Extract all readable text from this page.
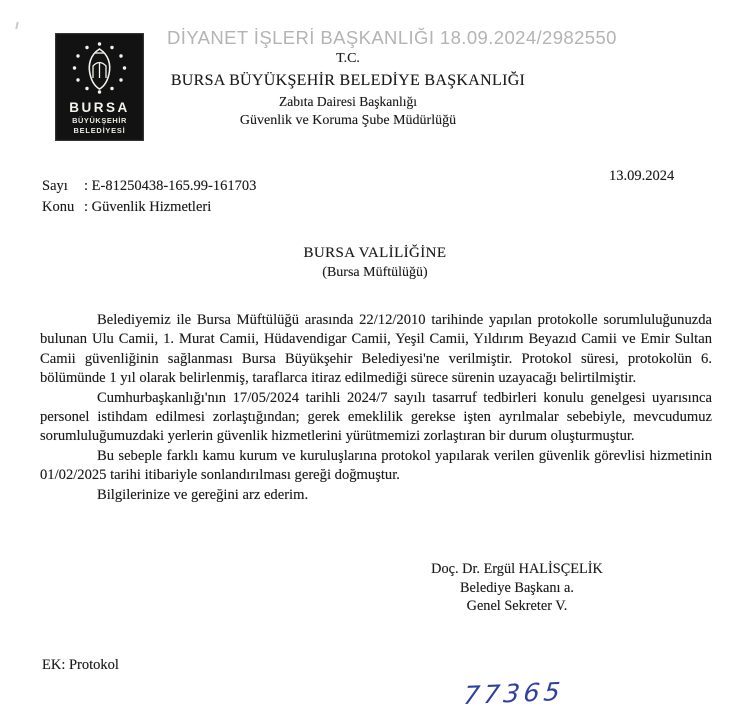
DİYANET İŞLERİ BAŞKANLIĞI 18.09.2024/2982550
BURSA
BÜYÜKŞEHİR
BELEDİYESİ
T.C.
BURSA BÜYÜKŞEHİR BELEDİYE BAŞKANLIĞI
Zabıta Dairesi Başkanlığı
Güvenlik ve Koruma Şube Müdürlüğü
13.09.2024
Sayı : E-81250438-165.99-161703
Konu : Güvenlik Hizmetleri
BURSA VALİLİĞİNE
(Bursa Müftülüğü)

Belediyemiz ile Bursa Müftülüğü arasında 22/12/2010 tarihinde yapılan protokolle sorumluluğunuzda bulunan Ulu Camii, 1. Murat Camii, Hüdavendigar Camii, Yeşil Camii, Yıldırım Beyazıd Camii ve Emir Sultan Camii güvenliğinin sağlanması Bursa Büyükşehir Belediyesi'ne verilmiştir. Protokol süresi, protokolün 6. bölümünde 1 yıl olarak belirlenmiş, taraflarca itiraz edilmediği sürece sürenin uzayacağı belirtilmiştir.

Cumhurbaşkanlığı'nın 17/05/2024 tarihli 2024/7 sayılı tasarruf tedbirleri konulu genelgesi uyarısınca personel istihdam edilmesi zorlaştığından; gerek emeklilik gerekse işten ayrılmalar sebebiyle, mevcudumuz sorumluluğumuzdaki yerlerin güvenlik hizmetlerini yürütmemizi zorlaştıran bir durum oluşturmuştur.

Bu sebeple farklı kamu kurum ve kuruluşlarına protokol yapılarak verilen güvenlik görevlisi hizmetinin 01/02/2025 tarihi itibariyle sonlandırılması gereği doğmuştur.

Bilgilerinize ve gereğini arz ederim.

Doç. Dr. Ergül HALİSÇELİK
Belediye Başkanı a.
Genel Sekreter V.
EK: Protokol
77365
